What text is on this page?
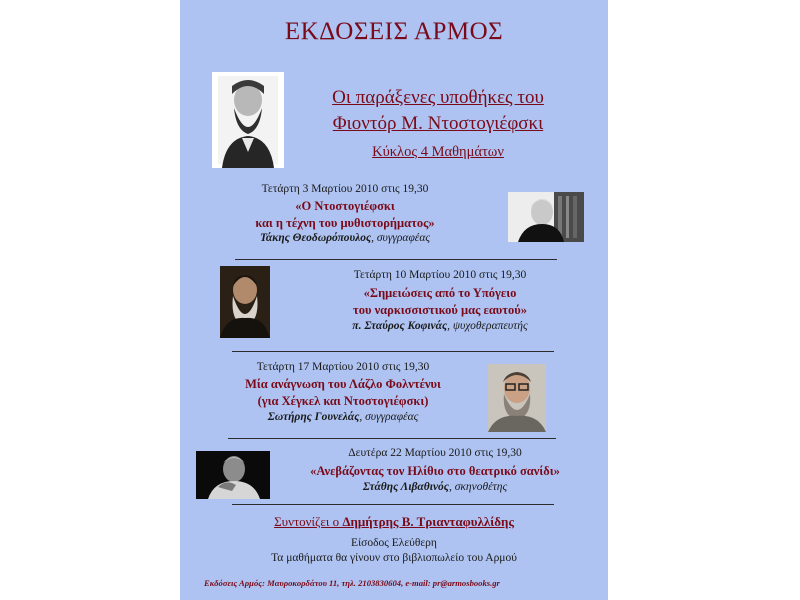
ΕΚΔΟΣΕΙΣ ΑΡΜΟΣ
Οι παράξενες υποθήκες του
Φιοντόρ Μ. Ντοστογιέφσκι
Κύκλος 4 Μαθημάτων
Τετάρτη 3 Μαρτίου 2010 στις 19,30
«Ο Ντοστογιέφσκι
και η τέχνη του μυθιστορήματος»
Τάκης Θεοδωρόπουλος, συγγραφέας
Τετάρτη 10 Μαρτίου 2010 στις 19,30
«Σημειώσεις από το Υπόγειο
του ναρκισσιστικού μας εαυτού»
π. Σταύρος Κοφινάς, ψυχοθεραπευτής
Τετάρτη 17 Μαρτίου 2010 στις 19,30
Μία ανάγνωση του Λάζλο Φολντένυι
(για Χέγκελ και Ντοστογιέφσκι)
Σωτήρης Γουνελάς, συγγραφέας
Δευτέρα 22 Μαρτίου 2010 στις 19,30
«Ανεβάζοντας τον Ηλίθιο στο θεατρικό σανίδι»
Στάθης Λιβαθινός, σκηνοθέτης
Συντονίζει ο Δημήτρης Β. Τριανταφυλλίδης
Είσοδος Ελεύθερη
Τα μαθήματα θα γίνουν στο βιβλιοπωλείο του Αρμού
Εκδόσεις Αρμός: Μαυροκορδάτου 11, τηλ. 2103830604, e-mail: pr@armosbooks.gr
